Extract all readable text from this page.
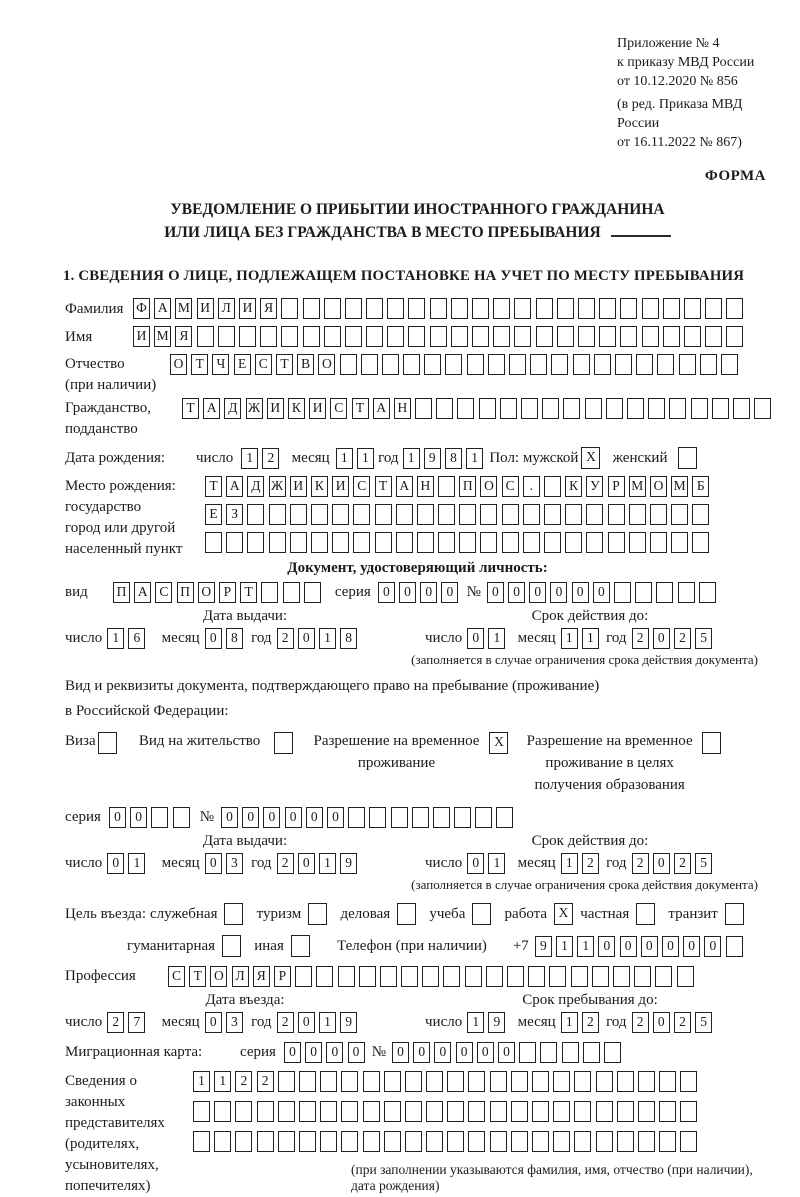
Приложение № 4
к приказу МВД России
от 10.12.2020 № 856
(в ред. Приказа МВД России
от 16.11.2022 № 867)
ФОРМА
УВЕДОМЛЕНИЕ О ПРИБЫТИИ ИНОСТРАННОГО ГРАЖДАНИНА
ИЛИ ЛИЦА БЕЗ ГРАЖДАНСТВА В МЕСТО ПРЕБЫВАНИЯ
1. СВЕДЕНИЯ О ЛИЦЕ, ПОДЛЕЖАЩЕМ ПОСТАНОВКЕ НА УЧЕТ ПО МЕСТУ ПРЕБЫВАНИЯ
Фамилия Ф А М И Л И Я
Имя	И М Я
Отчество
(при наличии)
О Т Ч Е С Т В О
Гражданство,
подданство
Т А Д Ж И К И С Т А Н
Дата рождения:	число 1	2	месяц 1	1 год 1	9	8	1 Пол: мужской X	женский
Место рождения:
государство
город или другой
населенный пункт
Т А Д Ж И К И С Т А Н П О С	.	К У Р М О М Б
Е	З
Документ, удостоверяющий личность:
вид	П А С П О Р Т	серия 0	0	0	0 № 0	0	0	0	0	0
Дата выдачи:	Срок действия до:
число 1	6	месяц 0	8 год 2	0	1	8	число 0	1	месяц 1	1 год 2	0	2	5
(заполняется в случае ограничения срока действия документа)
Вид и реквизиты документа, подтверждающего право на пребывание (проживание)
в Российской Федерации:
Виза	Вид на жительство	Разрешение на временное
проживание
X	Разрешение на временное
проживание в целях
получения образования
серия 0	0	№ 0	0	0	0	0	0
Дата выдачи:	Срок действия до:
число 0	1	месяц 0	3 год 2	0	1	9	число 0	1	месяц 1	2 год 2	0	2	5
(заполняется в случае ограничения срока действия документа)
Цель въезда: служебная	туризм	деловая	учеба	работа X частная	транзит
гуманитарная	иная	Телефон (при наличии) +7 9	1	1	0	0	0	0	0	0
Профессия	С Т О Л Я Р
Дата въезда:	Срок пребывания до:
число 2	7	месяц 0	3 год 2	0	1	9	число 1	9	месяц 1	2 год 2	0	2	5
Миграционная карта:	серия 0	0	0	0 № 0	0	0	0	0	0
Сведения о
законных
представителях
(родителях,
усыновителях,
попечителях)
1	1	2	2
(при заполнении указываются фамилия, имя, отчество (при наличии), дата рождения)
